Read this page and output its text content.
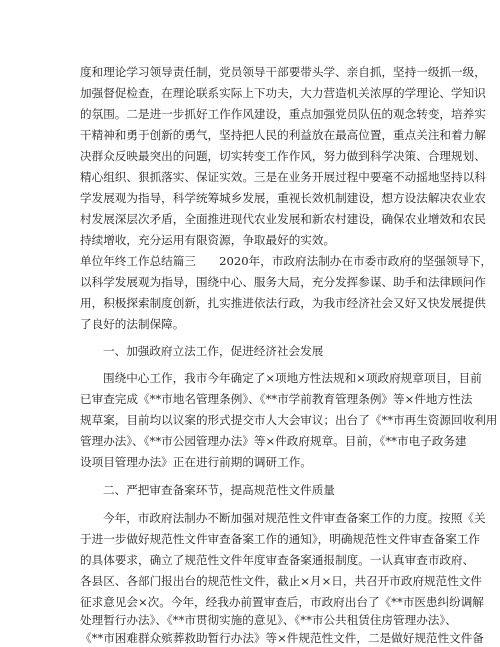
度和理论学习领导责任制，党员领导干部要带头学、亲自抓，坚持一级抓一级，
加强督促检查，在理论联系实际上下功夫，大力营造机关浓厚的学理论、学知识
的氛围。二是进一步抓好工作作风建设，重点加强党员队伍的观念转变，培养实
干精神和勇于创新的勇气，坚持把人民的利益放在最高位置，重点关注和着力解
决群众反映最突出的问题，切实转变工作作风，努力做到科学决策、合理规划、
精心组织、狠抓落实、保证实效。三是在业务开展过程中要毫不动摇地坚持以科
学发展观为指导，科学统筹城乡发展，重视长效机制建设，想方设法解决农业农
村发展深层次矛盾，全面推进现代农业发展和新农村建设，确保农业增效和农民
持续增收，充分运用有限资源，争取最好的实效。
单位年终工作总结篇三　　2020年，市政府法制办在市委市政府的坚强领导下，
以科学发展观为指导，围绕中心、服务大局，充分发挥参谋、助手和法律顾问作
用，积极探索制度创新，扎实推进依法行政，为我市经济社会又好又快发展提供
了良好的法制保障。
一、加强政府立法工作，促进经济社会发展
围绕中心工作，我市今年确定了×项地方性法规和×项政府规章项目，目前
已审查完成《**市地名管理条例》、《**市学前教育管理条例》等×件地方性法
规草案，目前均以议案的形式提交市人大会审议；出台了《**市再生资源回收利用
管理办法》、《**市公园管理办法》等×件政府规章。目前，《**市电子政务建
设项目管理办法》正在进行前期的调研工作。
二、严把审查备案环节，提高规范性文件质量
今年，市政府法制办不断加强对规范性文件审查备案工作的力度。按照《关
于进一步做好规范性文件审查备案工作的通知》，明确规范性文件审查备案工作
的具体要求，确立了规范性文件年度审查备案通报制度。一认真审查市政府、
各县区、各部门报出台的规范性文件，截止×月×日，共召开市政府规范性文件
征求意见会×次。今年，经我办前置审查后，市政府出台了《**市医患纠纷调解
处理暂行办法》、《**市贯彻实施的意见》、《**市公共租赁住房管理办法》、
《**市困难群众殡葬救助暂行办法》等×件规范性文件，二是做好规范性文件备
